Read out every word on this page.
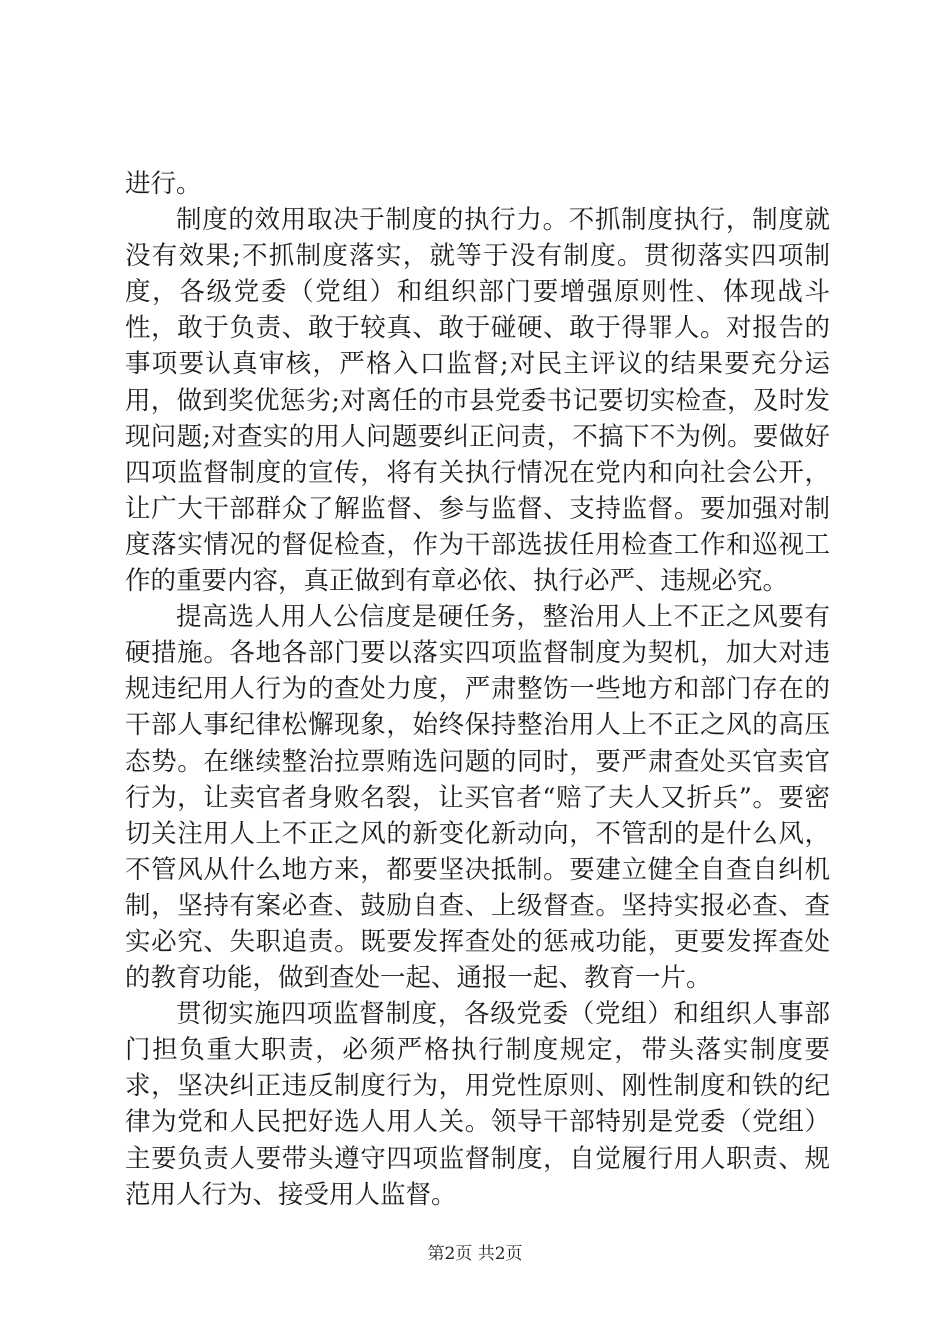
进行。

制度的效用取决于制度的执行力。不抓制度执行，制度就没有效果;不抓制度落实，就等于没有制度。贯彻落实四项制度，各级党委（党组）和组织部门要增强原则性、体现战斗性，敢于负责、敢于较真、敢于碰硬、敢于得罪人。对报告的事项要认真审核，严格入口监督;对民主评议的结果要充分运用，做到奖优惩劣;对离任的市县党委书记要切实检查，及时发现问题;对查实的用人问题要纠正问责，不搞下不为例。要做好四项监督制度的宣传，将有关执行情况在党内和向社会公开，让广大干部群众了解监督、参与监督、支持监督。要加强对制度落实情况的督促检查，作为干部选拔任用检查工作和巡视工作的重要内容，真正做到有章必依、执行必严、违规必究。

提高选人用人公信度是硬任务，整治用人上不正之风要有硬措施。各地各部门要以落实四项监督制度为契机，加大对违规违纪用人行为的查处力度，严肃整饬一些地方和部门存在的干部人事纪律松懈现象，始终保持整治用人上不正之风的高压态势。在继续整治拉票贿选问题的同时，要严肃查处买官卖官行为，让卖官者身败名裂，让买官者“赔了夫人又折兵”。要密切关注用人上不正之风的新变化新动向，不管刮的是什么风，不管风从什么地方来，都要坚决抵制。要建立健全自查自纠机制，坚持有案必查、鼓励自查、上级督查。坚持实报必查、查实必究、失职追责。既要发挥查处的惩戒功能，更要发挥查处的教育功能，做到查处一起、通报一起、教育一片。

贯彻实施四项监督制度，各级党委（党组）和组织人事部门担负重大职责，必须严格执行制度规定，带头落实制度要求，坚决纠正违反制度行为，用党性原则、刚性制度和铁的纪律为党和人民把好选人用人关。领导干部特别是党委（党组）主要负责人要带头遵守四项监督制度，自觉履行用人职责、规范用人行为、接受用人监督。

第2页 共2页
